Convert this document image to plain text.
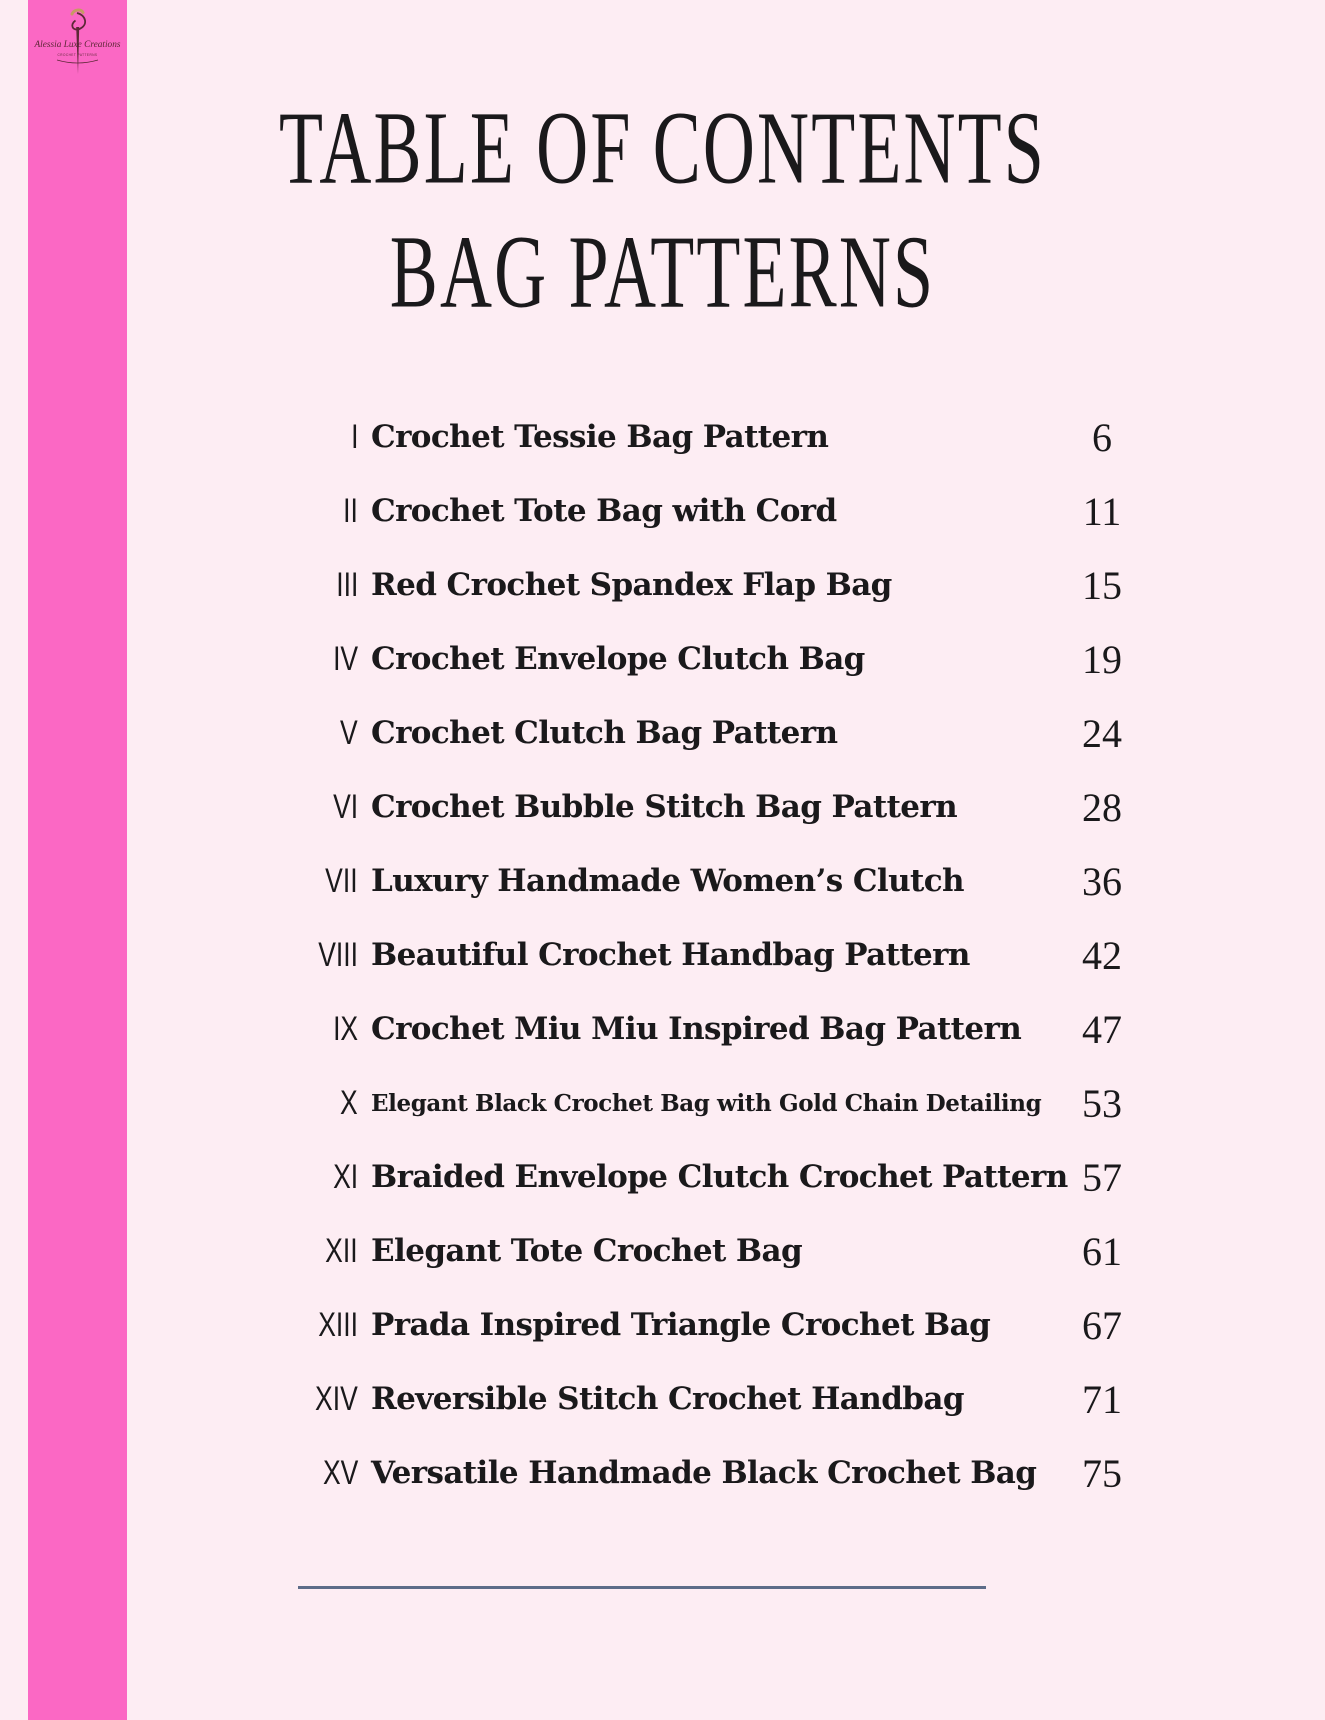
Alessia Luxe Creations
CROCHET PATTERNS
TABLE OF CONTENTS
BAG PATTERNS
I Crochet Tessie Bag Pattern	6
II Crochet Tote Bag with Cord	11
III Red Crochet Spandex Flap Bag	15
IV Crochet Envelope Clutch Bag	19
V Crochet Clutch Bag Pattern	24
VI Crochet Bubble Stitch Bag Pattern	28
VII Luxury Handmade Women’s Clutch	36
VIII Beautiful Crochet Handbag Pattern	42
IX Crochet Miu Miu Inspired Bag Pattern	47
X Elegant Black Crochet Bag with Gold Chain Detailing	53
XI Braided Envelope Clutch Crochet Pattern 57
XII Elegant Tote Crochet Bag	61
XIII Prada Inspired Triangle Crochet Bag	67
XIV Reversible Stitch Crochet Handbag	71
XV Versatile Handmade Black Crochet Bag	75
